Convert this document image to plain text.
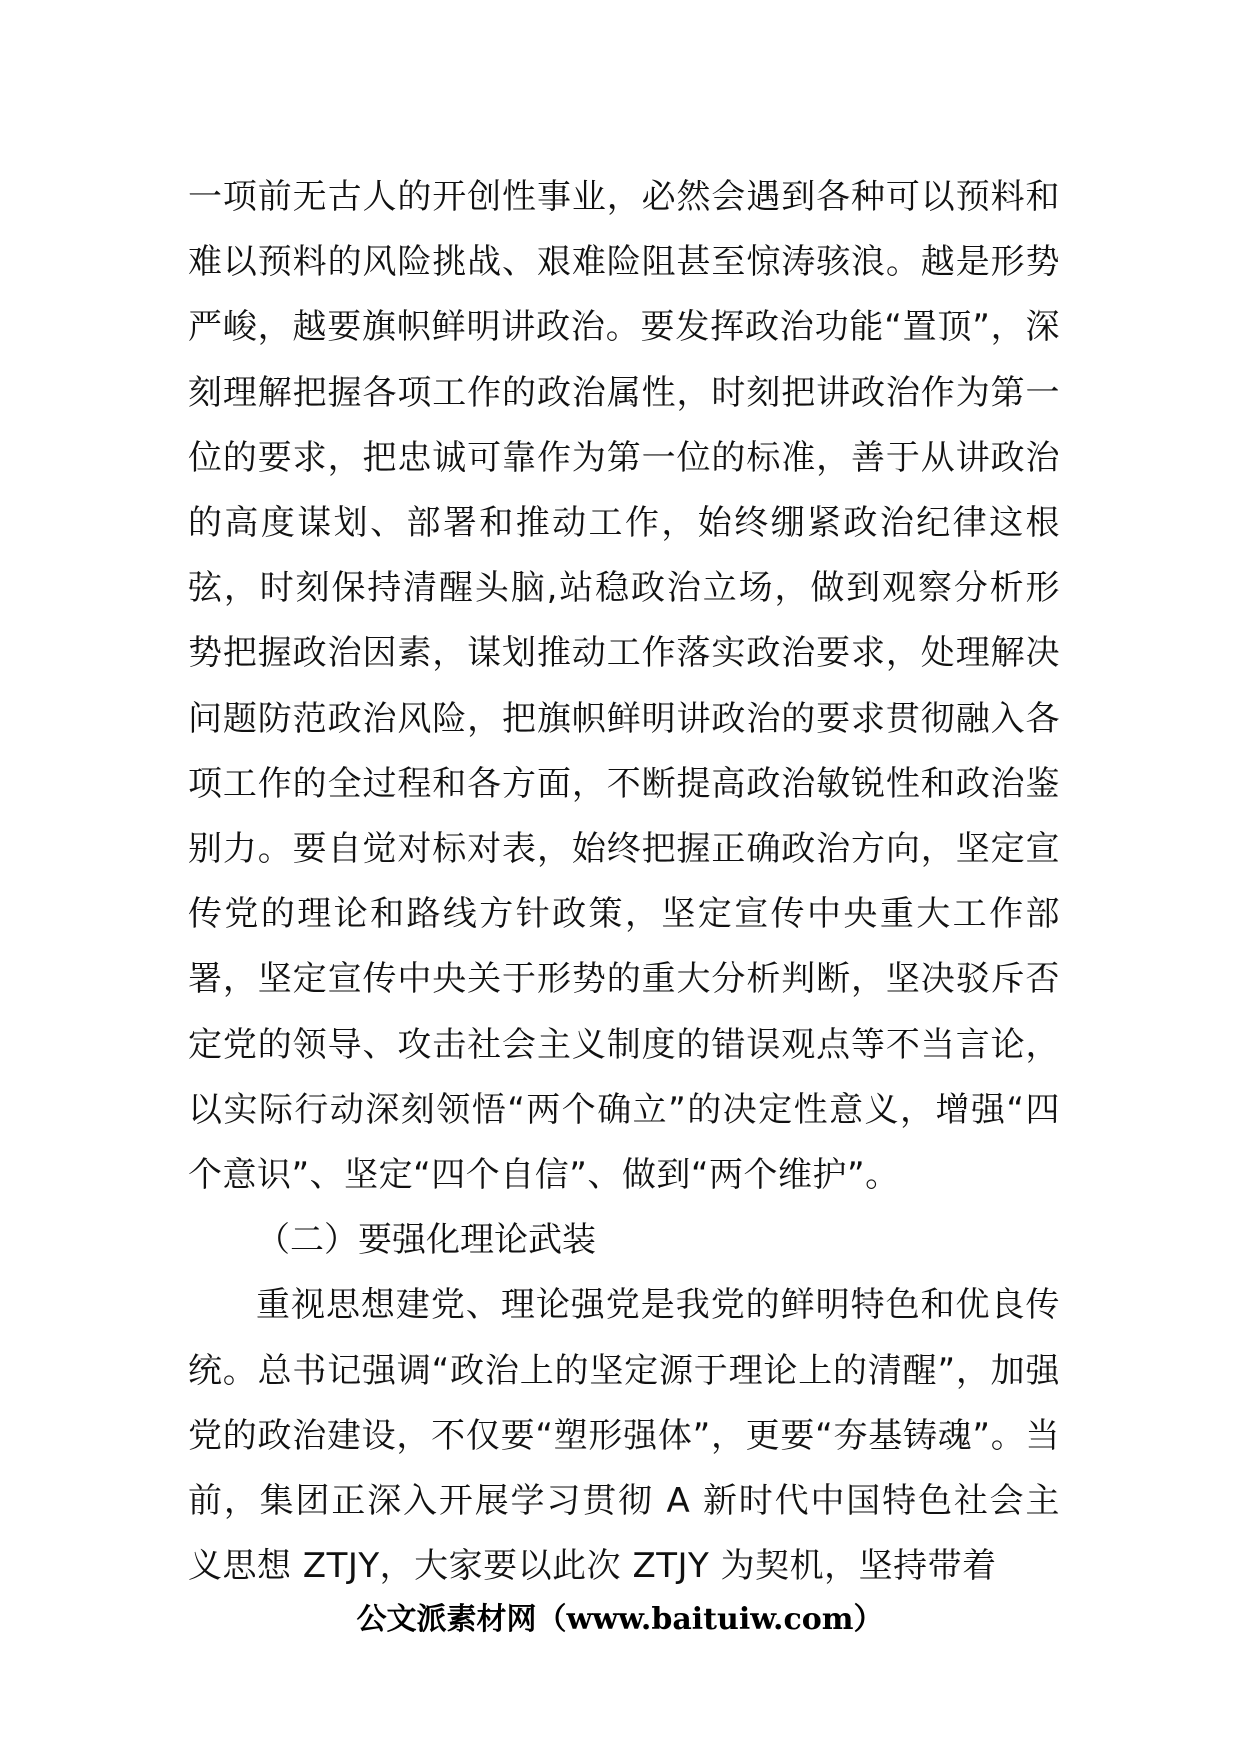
一项前无古人的开创性事业，必然会遇到各种可以预料和难以预料的风险挑战、艰难险阻甚至惊涛骇浪。越是形势严峻，越要旗帜鲜明讲政治。要发挥政治功能“置顶”，深刻理解把握各项工作的政治属性，时刻把讲政治作为第一位的要求，把忠诚可靠作为第一位的标准，善于从讲政治的高度谋划、部署和推动工作，始终绷紧政治纪律这根弦，时刻保持清醒头脑,站稳政治立场，做到观察分析形势把握政治因素，谋划推动工作落实政治要求，处理解决问题防范政治风险，把旗帜鲜明讲政治的要求贯彻融入各项工作的全过程和各方面，不断提高政治敏锐性和政治鉴别力。要自觉对标对表，始终把握正确政治方向，坚定宣传党的理论和路线方针政策，坚定宣传中央重大工作部署，坚定宣传中央关于形势的重大分析判断，坚决驳斥否定党的领导、攻击社会主义制度的错误观点等不当言论，以实际行动深刻领悟“两个确立”的决定性意义，增强“四个意识”、坚定“四个自信”、做到“两个维护”。

（二）要强化理论武装

重视思想建党、理论强党是我党的鲜明特色和优良传统。总书记强调“政治上的坚定源于理论上的清醒”，加强党的政治建设，不仅要“塑形强体”，更要“夯基铸魂”。当前，集团正深入开展学习贯彻 A 新时代中国特色社会主义思想 ZTJY，大家要以此次 ZTJY 为契机，坚持带着

公文派素材网（www.baituiw.com）
